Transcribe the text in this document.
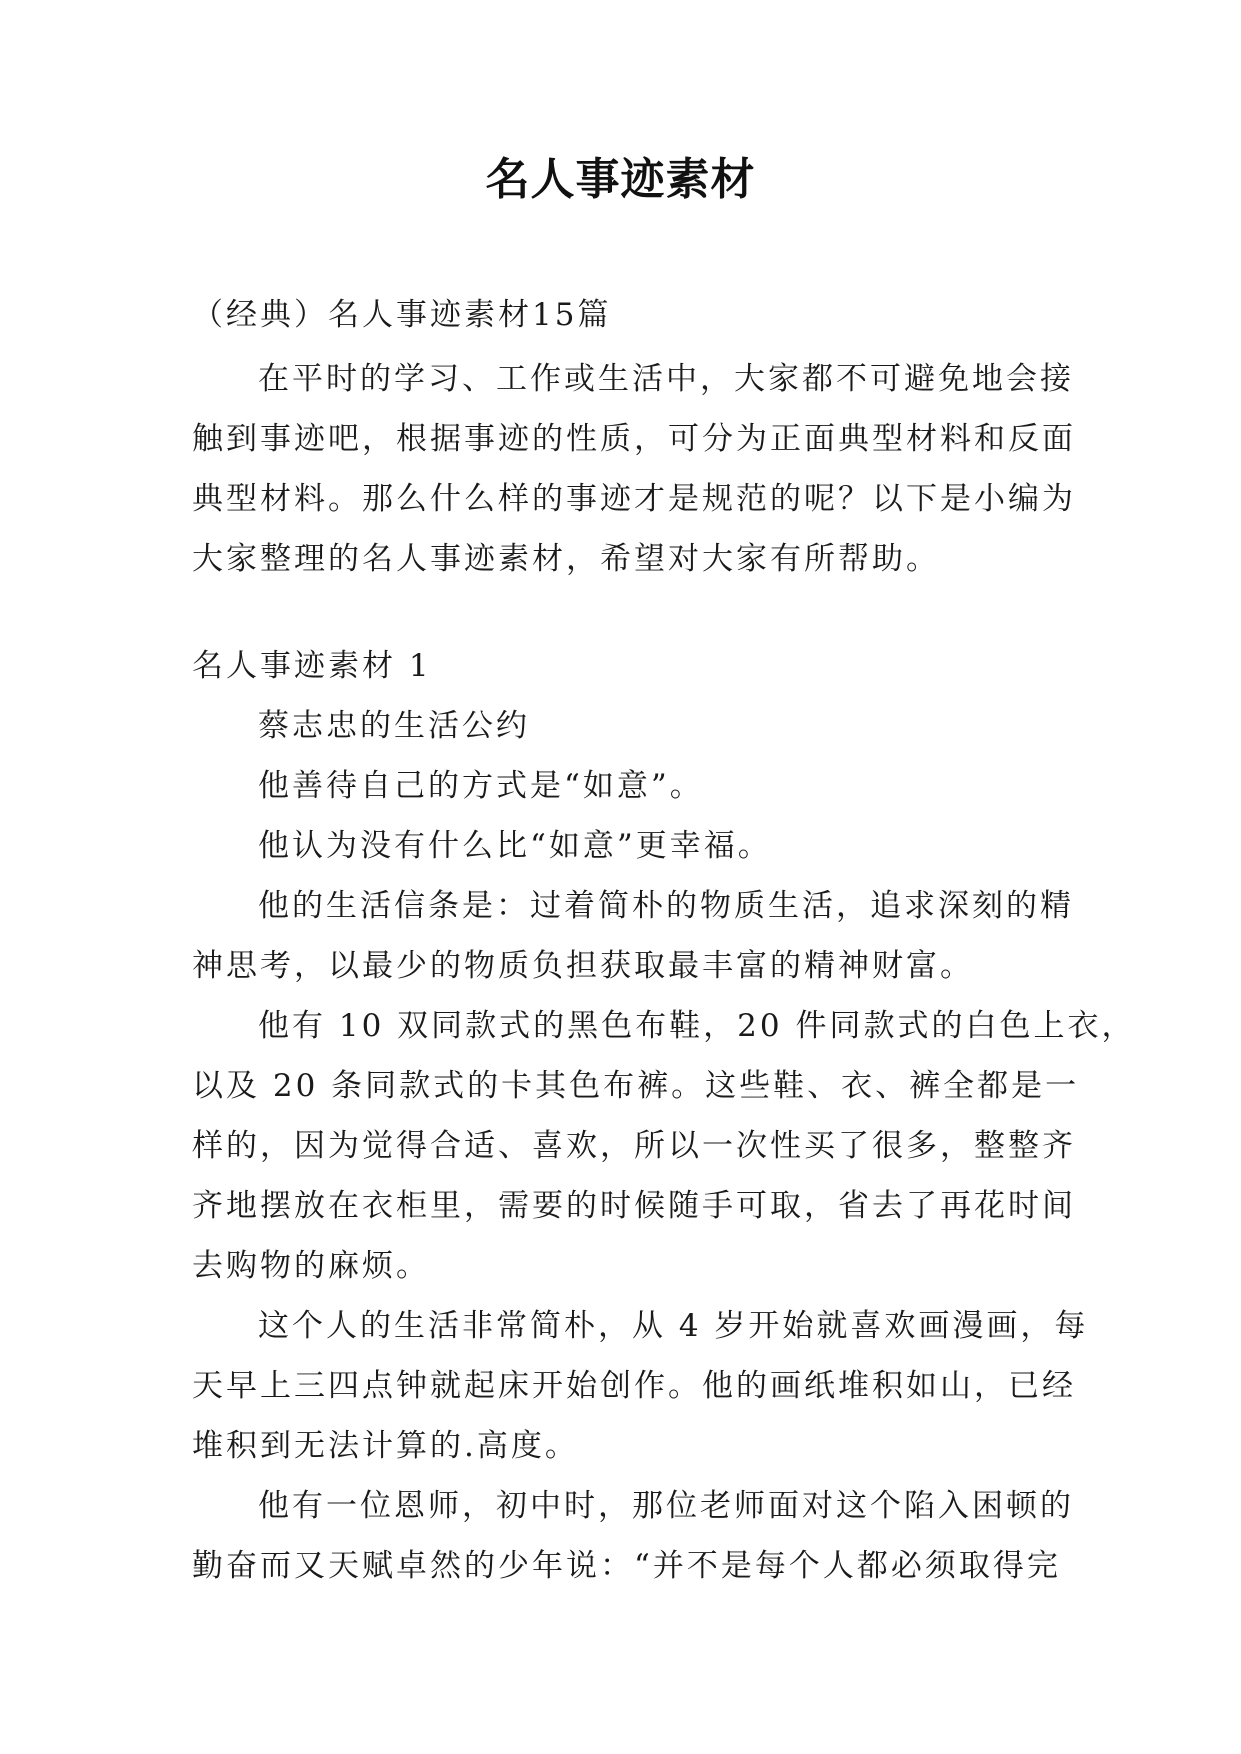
名人事迹素材
（经典）名人事迹素材15篇
在平时的学习、工作或生活中，大家都不可避免地会接
触到事迹吧，根据事迹的性质，可分为正面典型材料和反面
典型材料。那么什么样的事迹才是规范的呢？以下是小编为
大家整理的名人事迹素材，希望对大家有所帮助。
名人事迹素材 1
蔡志忠的生活公约
他善待自己的方式是“如意”。
他认为没有什么比“如意”更幸福。
他的生活信条是：过着简朴的物质生活，追求深刻的精
神思考，以最少的物质负担获取最丰富的精神财富。
他有 10 双同款式的黑色布鞋，20 件同款式的白色上衣，
以及 20 条同款式的卡其色布裤。这些鞋、衣、裤全都是一
样的，因为觉得合适、喜欢，所以一次性买了很多，整整齐
齐地摆放在衣柜里，需要的时候随手可取，省去了再花时间
去购物的麻烦。
这个人的生活非常简朴，从 4 岁开始就喜欢画漫画，每
天早上三四点钟就起床开始创作。他的画纸堆积如山，已经
堆积到无法计算的.高度。
他有一位恩师，初中时，那位老师面对这个陷入困顿的
勤奋而又天赋卓然的少年说：“并不是每个人都必须取得完
